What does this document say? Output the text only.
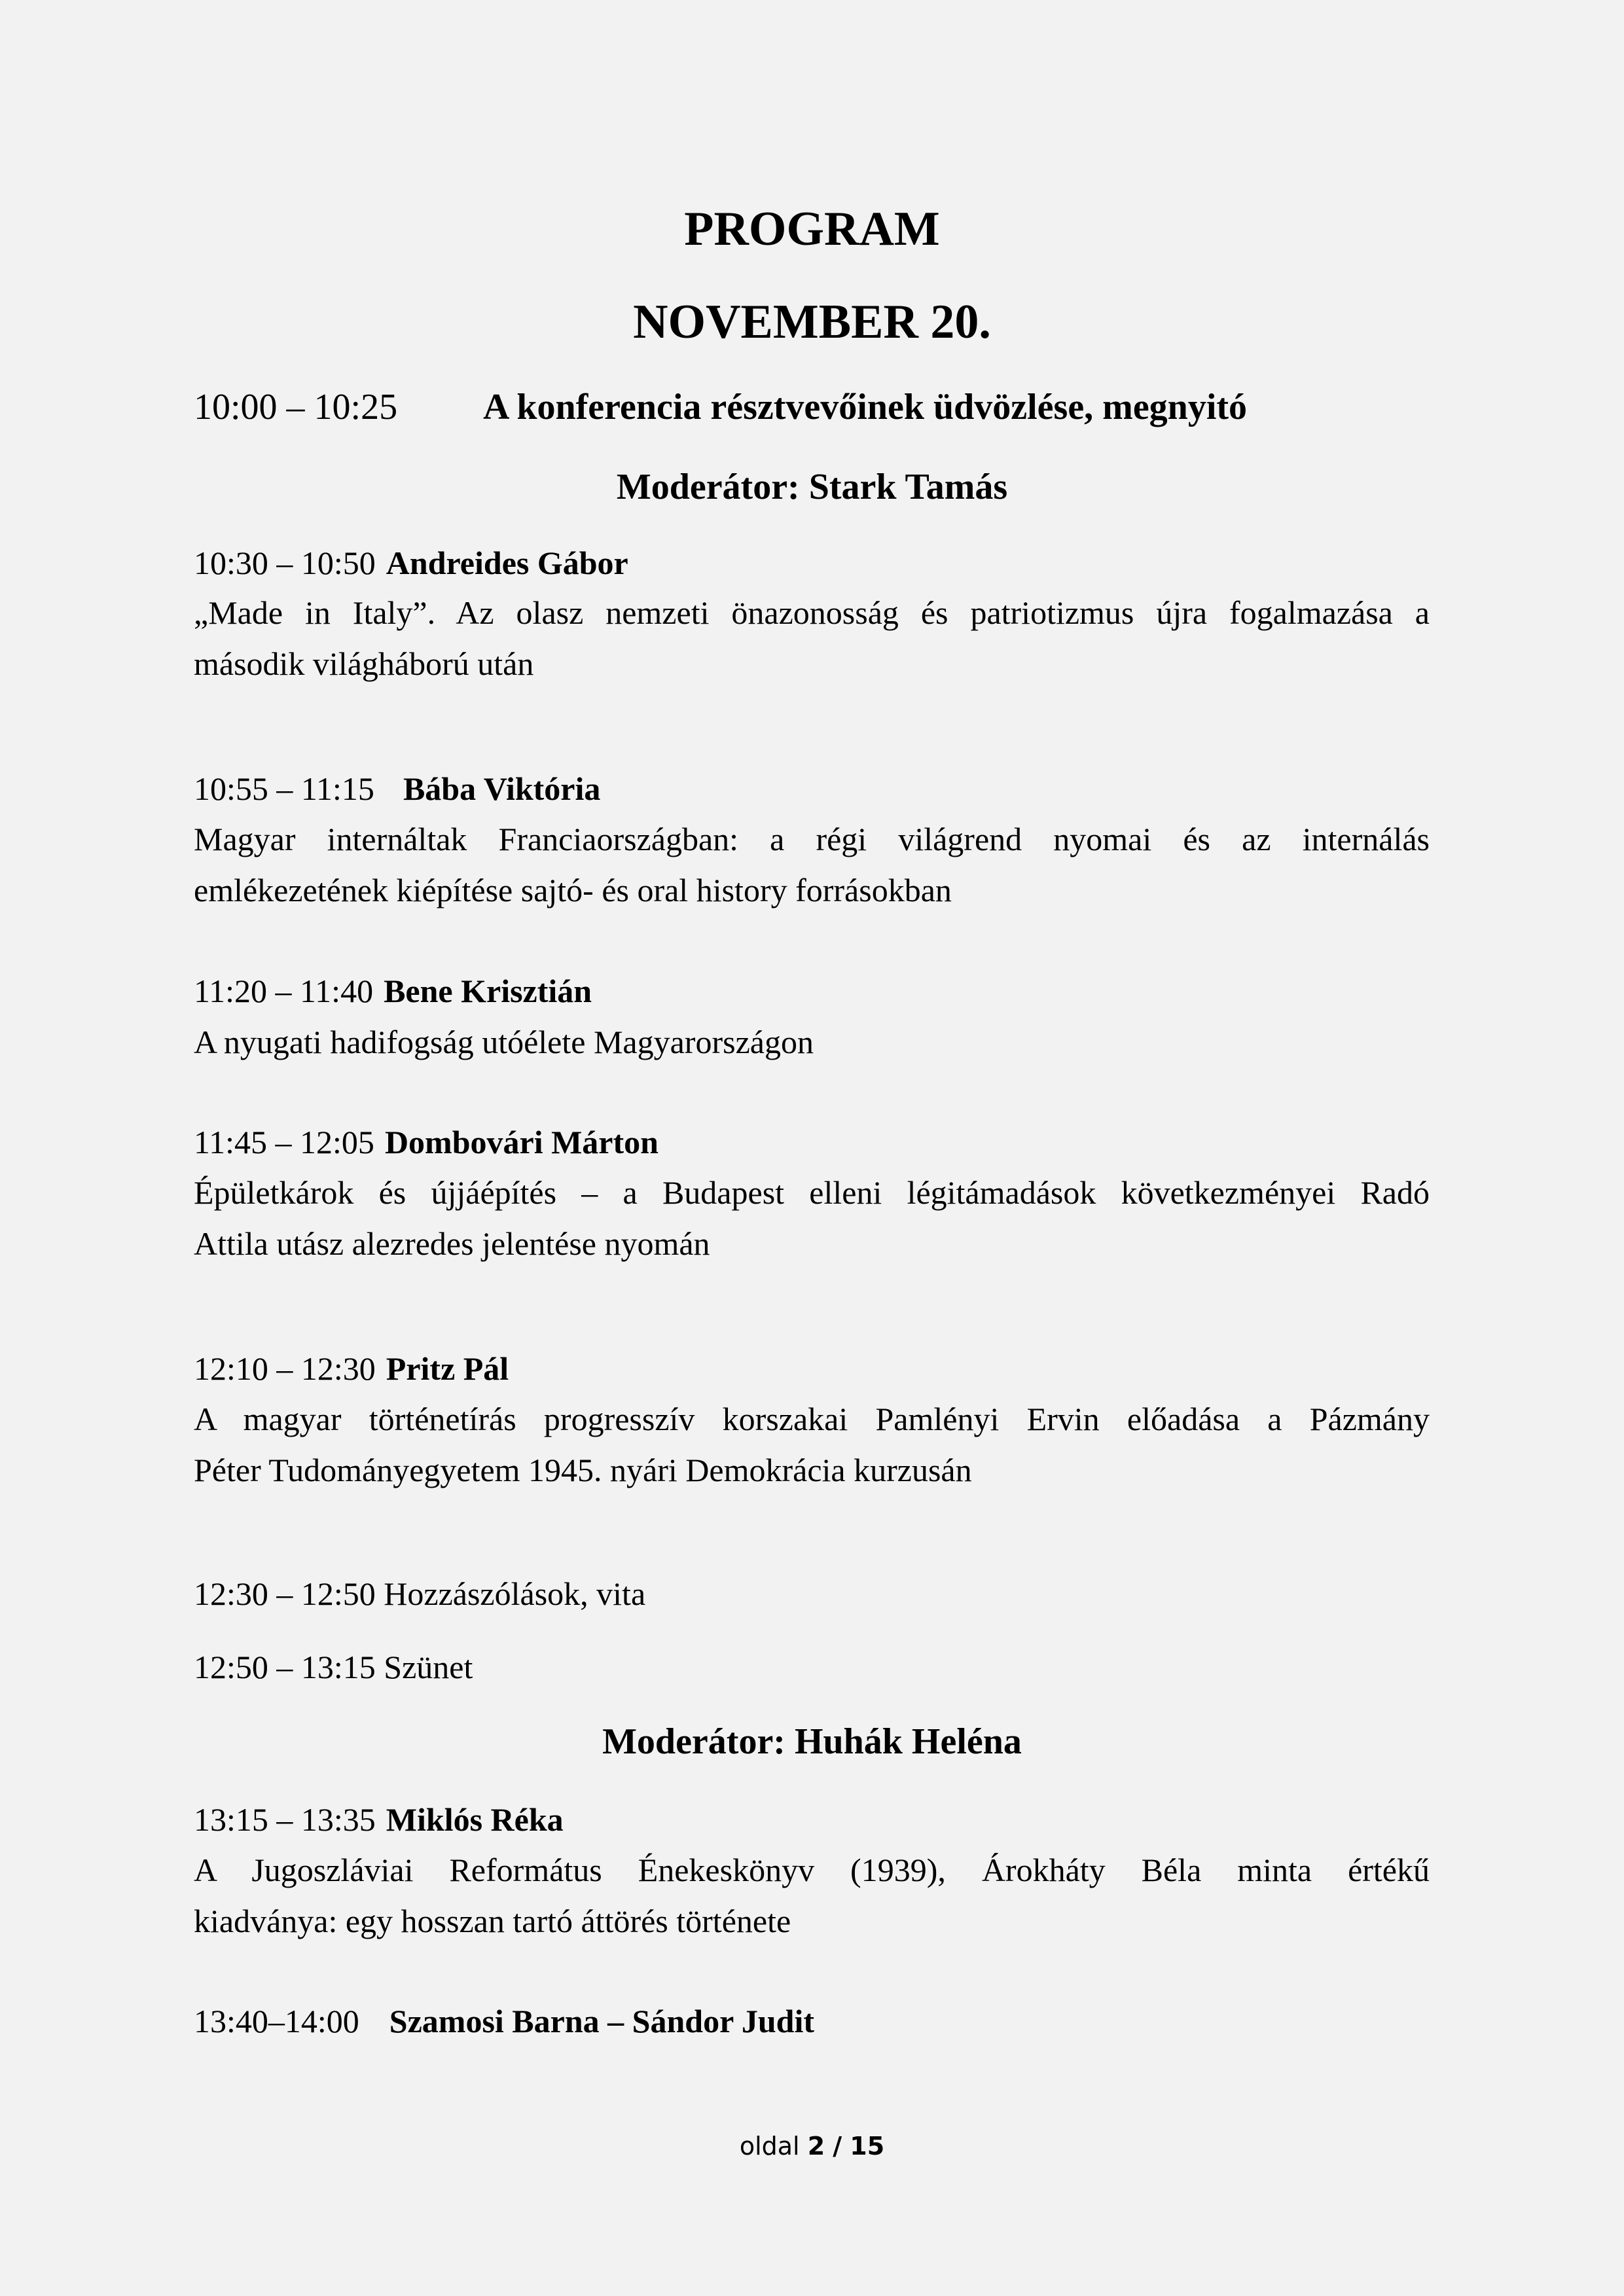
PROGRAM
NOVEMBER 20.
10:00 – 10:25 A konferencia résztvevőinek üdvözlése, megnyitó
Moderátor: Stark Tamás
10:30 – 10:50 Andreides Gábor
„Made in Italy”. Az olasz nemzeti önazonosság és patriotizmus újra fogalmazása a
második világháború után
10:55 – 11:15 Bába Viktória
Magyar internáltak Franciaországban: a régi világrend nyomai és az internálás
emlékezetének kiépítése sajtó- és oral history forrásokban
11:20 – 11:40 Bene Krisztián
A nyugati hadifogság utóélete Magyarországon
11:45 – 12:05 Dombovári Márton
Épületkárok és újjáépítés – a Budapest elleni légitámadások következményei Radó
Attila utász alezredes jelentése nyomán
12:10 – 12:30 Pritz Pál
A magyar történetírás progresszív korszakai Pamlényi Ervin előadása a Pázmány
Péter Tudományegyetem 1945. nyári Demokrácia kurzusán
12:30 – 12:50 Hozzászólások, vita
12:50 – 13:15 Szünet
Moderátor: Huhák Heléna
13:15 – 13:35 Miklós Réka
A Jugoszláviai Református Énekeskönyv (1939), Árokháty Béla minta értékű
kiadványa: egy hosszan tartó áttörés története
13:40–14:00 Szamosi Barna – Sándor Judit
oldal 2 / 15
